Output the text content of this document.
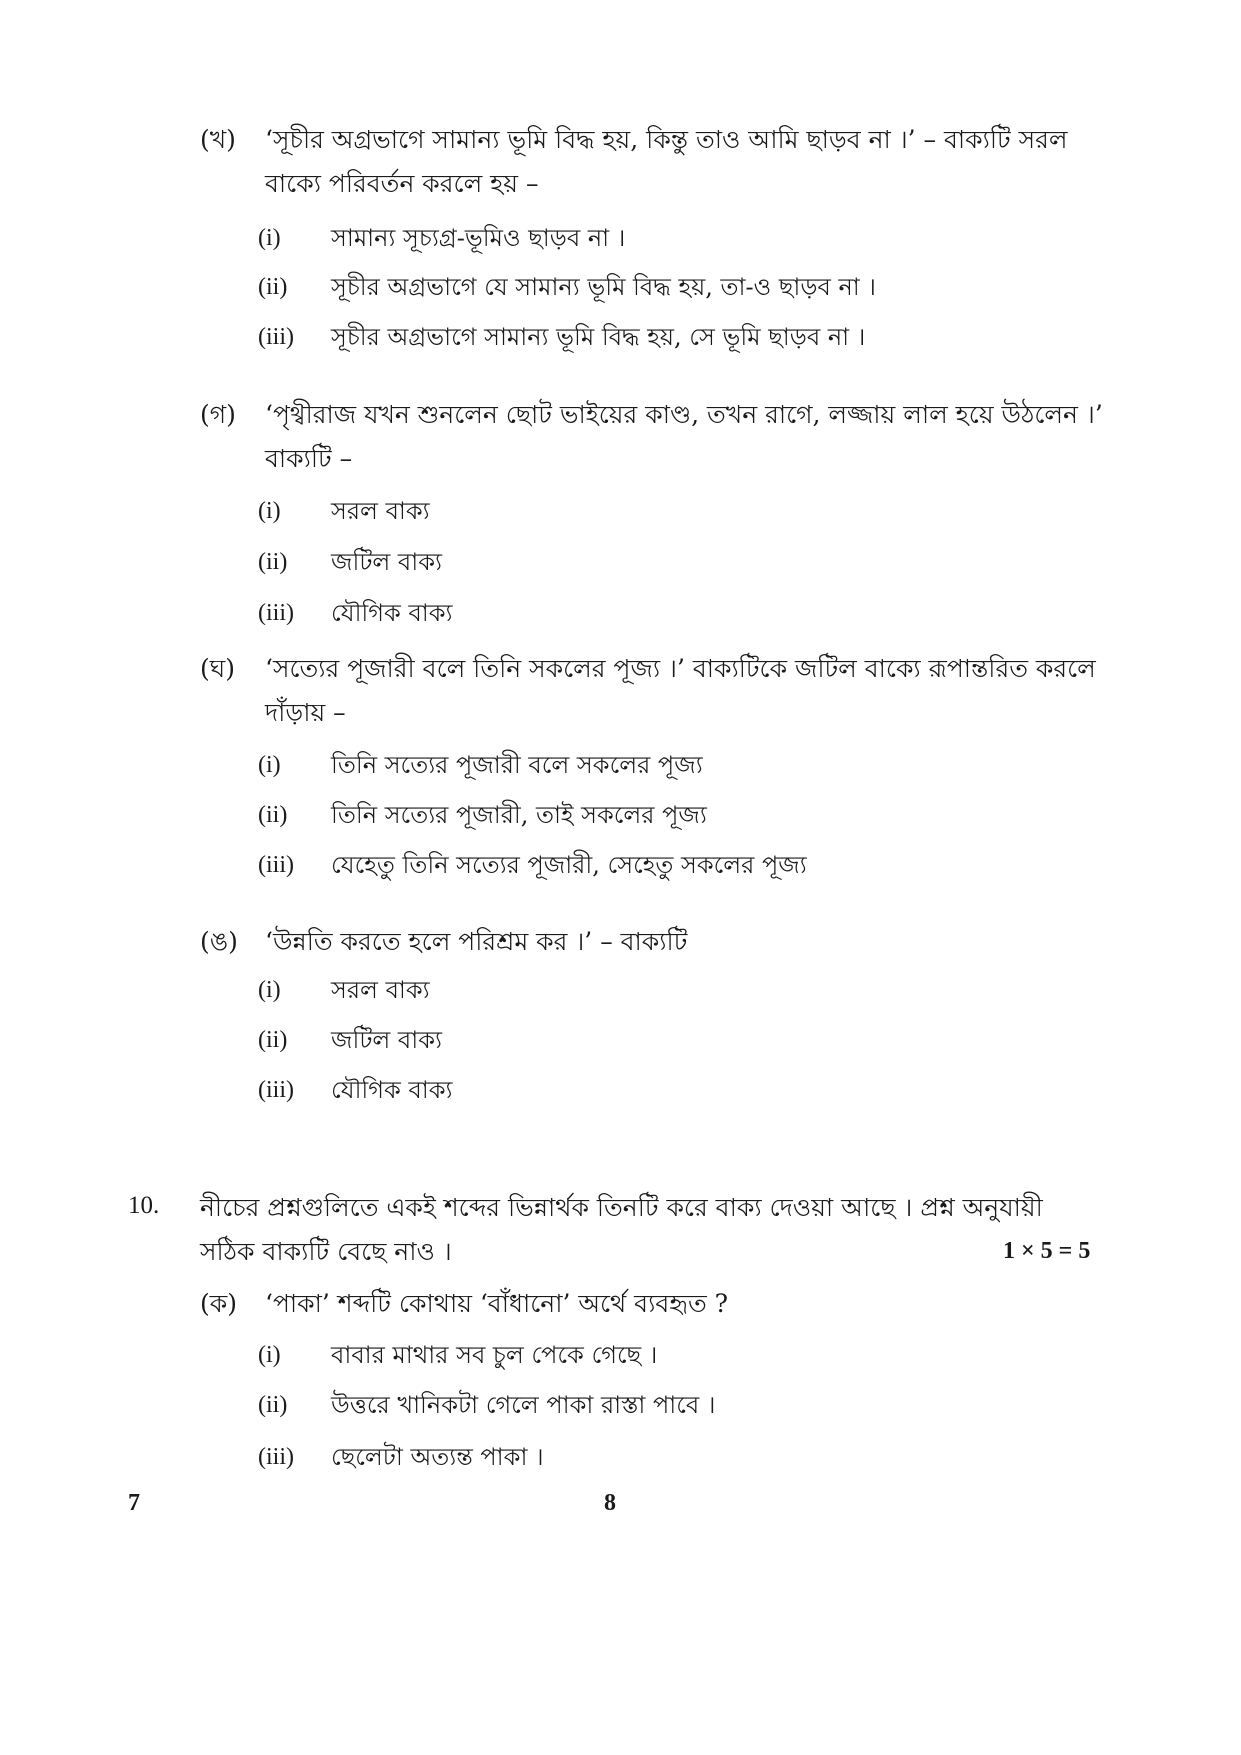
(খ) ‘সূচীর অগ্রভাগে সামান্য ভূমি বিদ্ধ হয়, কিন্তু তাও আমি ছাড়ব না ।’ – বাক্যটি সরল বাক্যে পরিবর্তন করলে হয় –
(i) সামান্য সূচ্যগ্র-ভূমিও ছাড়ব না ।
(ii) সূচীর অগ্রভাগে যে সামান্য ভূমি বিদ্ধ হয়, তা-ও ছাড়ব না ।
(iii) সূচীর অগ্রভাগে সামান্য ভূমি বিদ্ধ হয়, সে ভূমি ছাড়ব না ।
(গ) ‘পৃথ্বীরাজ যখন শুনলেন ছোট ভাইয়ের কাণ্ড, তখন রাগে, লজ্জায় লাল হয়ে উঠলেন ।’ বাক্যটি –
(i) সরল বাক্য
(ii) জটিল বাক্য
(iii) যৌগিক বাক্য
(ঘ) ‘সত্যের পূজারী বলে তিনি সকলের পূজ্য ।’ বাক্যটিকে জটিল বাক্যে রূপান্তরিত করলে দাঁড়ায় –
(i) তিনি সত্যের পূজারী বলে সকলের পূজ্য
(ii) তিনি সত্যের পূজারী, তাই সকলের পূজ্য
(iii) যেহেতু তিনি সত্যের পূজারী, সেহেতু সকলের পূজ্য
(ঙ) ‘উন্নতি করতে হলে পরিশ্রম কর ।’ – বাক্যটি
(i) সরল বাক্য
(ii) জটিল বাক্য
(iii) যৌগিক বাক্য
10. নীচের প্রশ্নগুলিতে একই শব্দের ভিন্নার্থক তিনটি করে বাক্য দেওয়া আছে । প্রশ্ন অনুযায়ী সঠিক বাক্যটি বেছে নাও ।	1 × 5 = 5
(ক) ‘পাকা’ শব্দটি কোথায় ‘বাঁধানো’ অর্থে ব্যবহৃত ?
(i) বাবার মাথার সব চুল পেকে গেছে ।
(ii) উত্তরে খানিকটা গেলে পাকা রাস্তা পাবে ।
(iii) ছেলেটা অত্যন্ত পাকা ।
7	8
